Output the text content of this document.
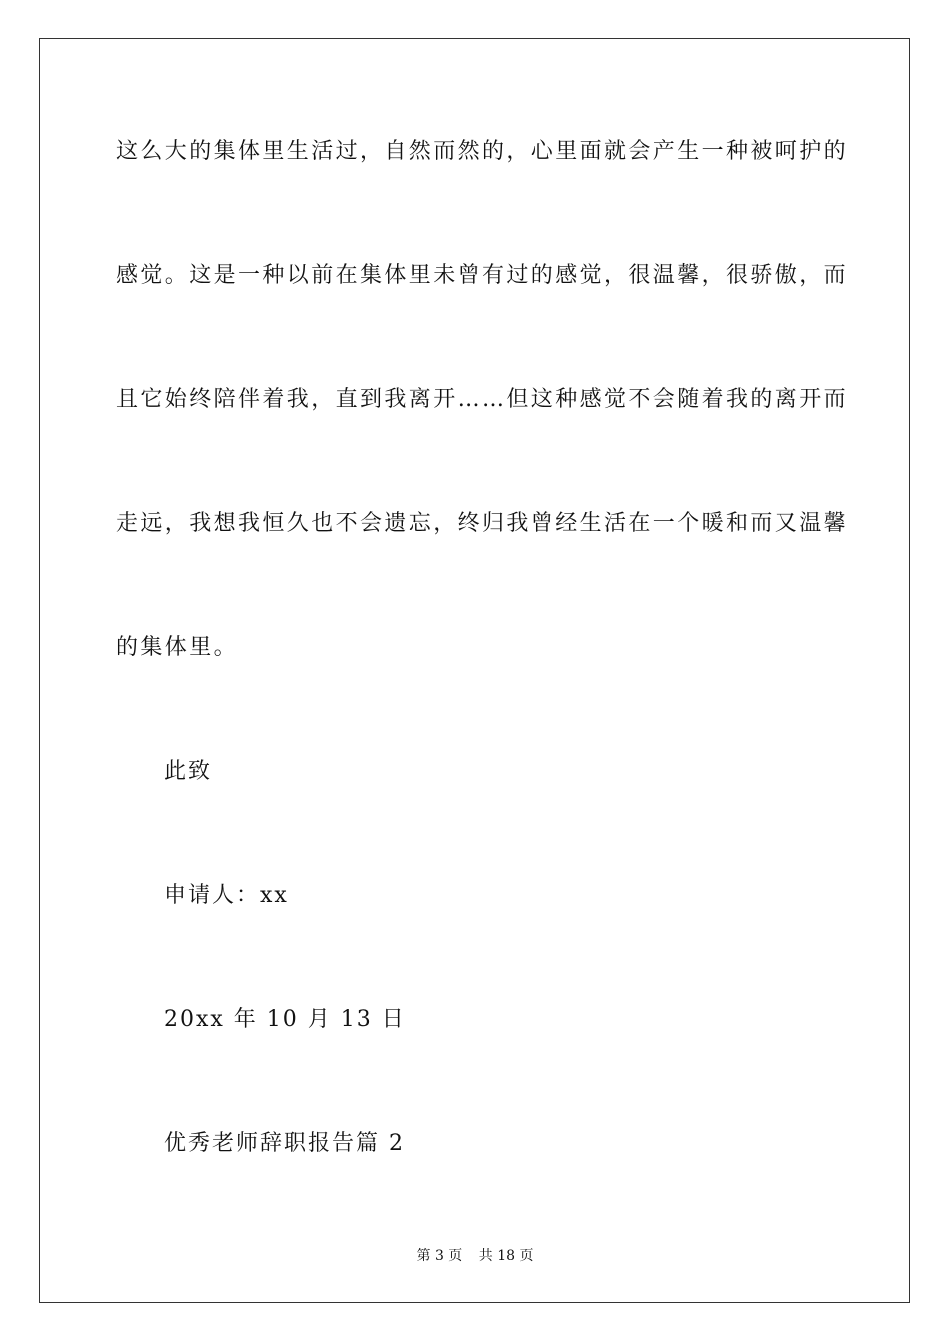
这么大的集体里生活过，自然而然的，心里面就会产生一种被呵护的
感觉。这是一种以前在集体里未曾有过的感觉，很温馨，很骄傲，而
且它始终陪伴着我，直到我离开……但这种感觉不会随着我的离开而
走远，我想我恒久也不会遗忘，终归我曾经生活在一个暖和而又温馨
的集体里。
此致
申请人：xx
20xx 年 10 月 13 日
优秀老师辞职报告篇 2
第 3 页 共 18 页
